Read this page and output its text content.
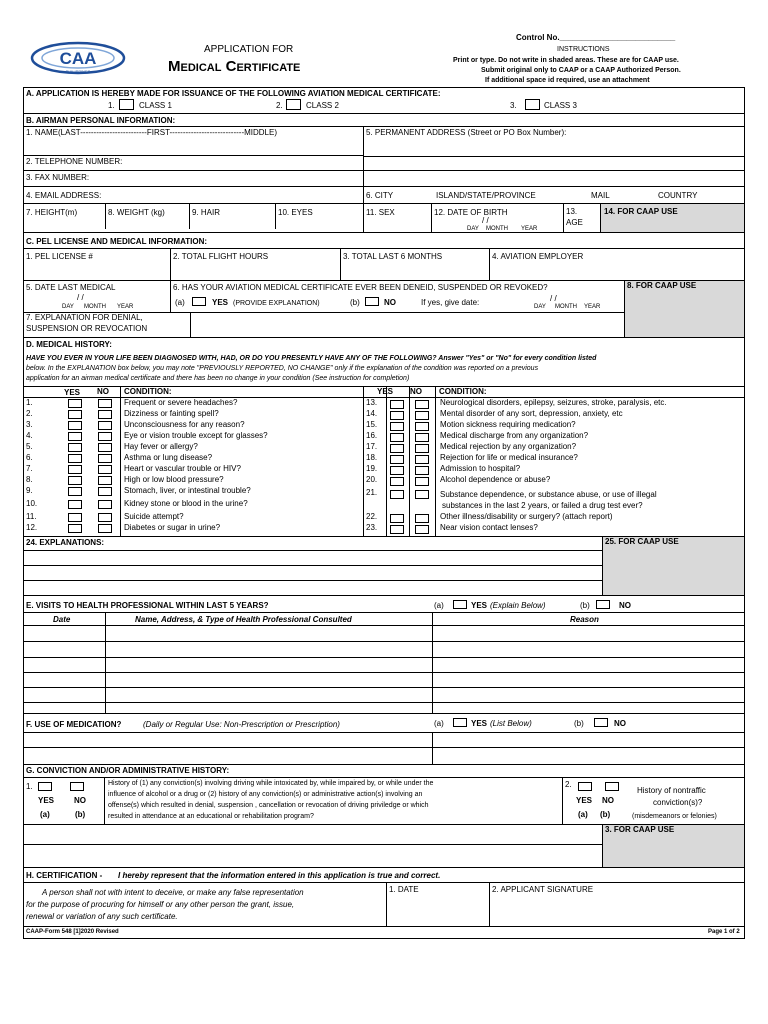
CAA
PHILIPPINES
APPLICATION FOR
Medical Certificate
Control No.__________________________
INSTRUCTIONS
Print or type. Do not write in shaded areas. These are for CAAP use.
Submit original only to CAAP or a CAAP Authorized Person.
If additional space id required, use an attachment
A. APPLICATION IS HEREBY MADE FOR ISSUANCE OF THE FOLLOWING AVIATION MEDICAL CERTIFICATE:
1.	CLASS 1	2.	CLASS 2	3.	CLASS 3
B. AIRMAN PERSONAL INFORMATION:
1. NAME(LAST-------------------------FIRST----------------------------MIDDLE)	5. PERMANENT ADDRESS (Street or PO Box Number):
2. TELEPHONE NUMBER:
3. FAX NUMBER:
4. EMAIL ADDRESS:	6. CITY	ISLAND/STATE/PROVINCE	MAIL	COUNTRY
7. HEIGHT(m)	8. WEIGHT (kg)	9. HAIR	10. EYES	11. SEX	12. DATE OF BIRTH
/ /
DAY MONTH YEAR
13.
AGE
14. FOR CAAP USE
C. PEL LICENSE AND MEDICAL INFORMATION:
1. PEL LICENSE #	2. TOTAL FLIGHT HOURS	3. TOTAL LAST 6 MONTHS	4. AVIATION EMPLOYER
5. DATE LAST MEDICAL
/ /
DAY MONTH YEAR
6. HAS YOUR AVIATION MEDICAL CERTIFICATE EVER BEEN DENEID, SUSPENDED OR REVOKED?
(a)	YES (PROVIDE EXPLANATION)	(b)	NO	If yes, give date:	/ /
DAY MONTH YEAR
8. FOR CAAP USE
7. EXPLANATION FOR DENIAL,
SUSPENSION OR REVOCATION
D. MEDICAL HISTORY:
HAVE YOU EVER IN YOUR LIFE BEEN DIAGNOSED WITH, HAD, OR DO YOU PRESENTLY HAVE ANY OF THE FOLLOWING? Answer "Yes" or "No" for every condition listed
below. In the EXPLANATION box below, you may note "PREVIOUSLY REPORTED, NO CHANGE" only if the explanation of the condition was reported on a previous
application for an airman medical certificate and there has been no change in your condition (See instruction for completion)
YES NO CONDITION:	YES NO CONDITION:
1.	Frequent or severe headaches?
2.	Dizziness or fainting spell?
3.	Unconsciousness for any reason?
4.	Eye or vision trouble except for glasses?
5.	Hay fever or allergy?
6.	Asthma or lung disease?
7.	Heart or vascular trouble or HIV?
8.	High or low blood pressure?
9.	Stomach, liver, or intestinal trouble?
10.	Kidney stone or blood in the urine?
11.	Suicide attempt?
12.	Diabetes or sugar in urine?
13.	Neurological disorders, epilepsy, seizures, stroke, paralysis, etc.
14.	Mental disorder of any sort, depression, anxiety, etc
15.	Motion sickness requiring medication?
16.	Medical discharge from any organization?
17.	Medical rejection by any organization?
18.	Rejection for life or medical insurance?
19.	Admission to hospital?
20.	Alcohol dependence or abuse?
21.	Substance dependence, or substance abuse, or use of illegal
substances in the last 2 years, or failed a drug test ever?
22.	Other illness/disability or surgery? (attach report)
23.	Near vision contact lenses?
24. EXPLANATIONS:	25. FOR CAAP USE
E. VISITS TO HEALTH PROFESSIONAL WITHIN LAST 5 YEARS?	(a)	YES (Explain Below)	(b)	NO
Date	Name, Address, & Type of Health Professional Consulted	Reason
F. USE OF MEDICATION?	(Daily or Regular Use: Non-Prescription or Prescription)	(a)	YES (List Below)	(b)	NO
G. CONVICTION AND/OR ADMINISTRATIVE HISTORY:
1.
YES NO
(a)	(b)
History of (1) any conviction(s) involving driving while intoxicated by, while impaired by, or while under the
influence of alcohol or a drug or (2) history of any conviction(s) or administrative action(s) involving an
offense(s) which resulted in denial, suspension , cancellation or revocation of driving priviledge or which
resulted in attendance at an educational or rehabilitation program?
2.
YES NO
(a) (b)
History of nontraffic
conviction(s)?
(misdemeanors or felonies)
3. FOR CAAP USE
H. CERTIFICATION - I hereby represent that the information entered in this application is true and correct.
A person shall not with intent to deceive, or make any false representation
for the purpose of procuring for himself or any other person the grant, issue,
renewal or variation of any such certificate.
1. DATE	2. APPLICANT SIGNATURE
CAAP-Form 548 [1]2020 Revised	Page 1 of 2
